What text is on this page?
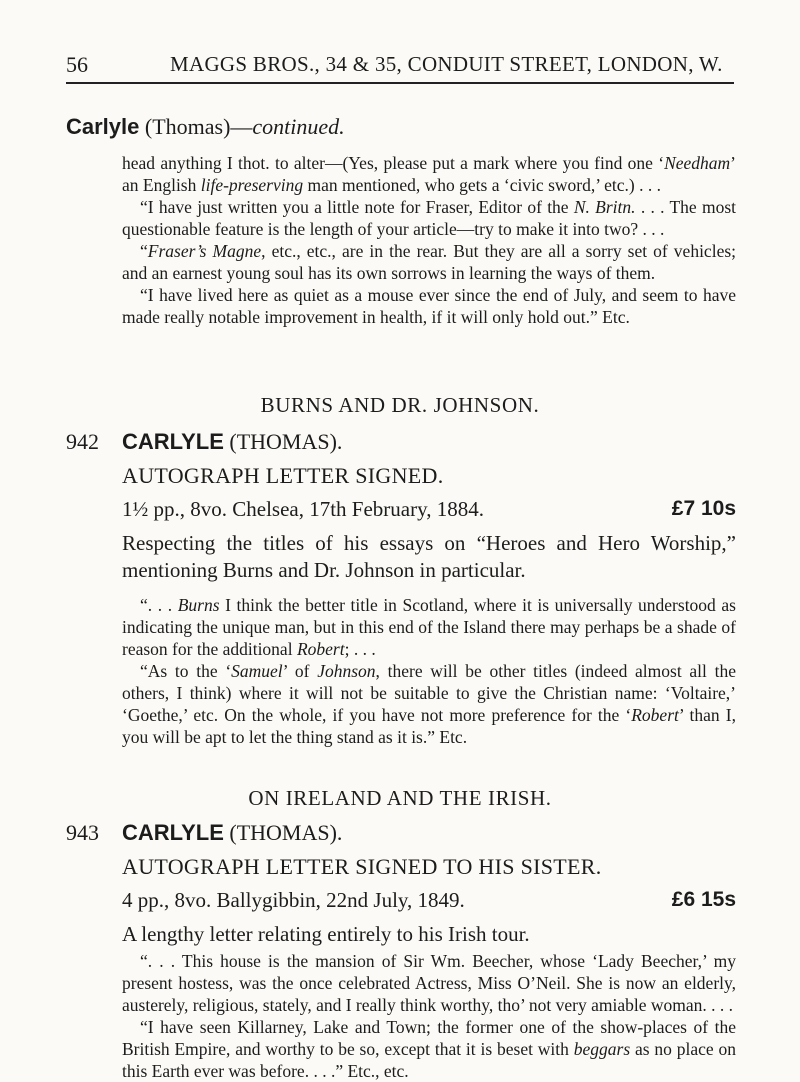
56	MAGGS BROS., 34 & 35, CONDUIT STREET, LONDON, W.
Carlyle (Thomas)—continued.

head anything I thot. to alter—(Yes, please put a mark where you find one ‘Needham’ an English life-preserving man mentioned, who gets a ‘civic sword,’ etc.) . . .

“I have just written you a little note for Fraser, Editor of the N. Britn. . . . The most questionable feature is the length of your article—try to make it into two? . . .

“Fraser’s Magne, etc., etc., are in the rear. But they are all a sorry set of vehicles; and an earnest young soul has its own sorrows in learning the ways of them.

“I have lived here as quiet as a mouse ever since the end of July, and seem to have made really notable improvement in health, if it will only hold out.” Etc.

BURNS AND DR. JOHNSON.
942 CARLYLE (THOMAS).
AUTOGRAPH LETTER SIGNED.
1½ pp., 8vo. Chelsea, 17th February, 1884.	£7 10s
Respecting the titles of his essays on “Heroes and Hero Worship,” mentioning Burns and Dr. Johnson in particular.

“. . . Burns I think the better title in Scotland, where it is universally understood as indicating the unique man, but in this end of the Island there may perhaps be a shade of reason for the additional Robert; . . .

“As to the ‘Samuel’ of Johnson, there will be other titles (indeed almost all the others, I think) where it will not be suitable to give the Christian name: ‘Voltaire,’ ‘Goethe,’ etc. On the whole, if you have not more preference for the ‘Robert’ than I, you will be apt to let the thing stand as it is.” Etc.

ON IRELAND AND THE IRISH.
943 CARLYLE (THOMAS).
AUTOGRAPH LETTER SIGNED TO HIS SISTER.
4 pp., 8vo. Ballygibbin, 22nd July, 1849.	£6 15s
A lengthy letter relating entirely to his Irish tour.

“. . . This house is the mansion of Sir Wm. Beecher, whose ‘Lady Beecher,’ my present hostess, was the once celebrated Actress, Miss O’Neil. She is now an elderly, austerely, religious, stately, and I really think worthy, tho’ not very amiable woman. . . .

“I have seen Killarney, Lake and Town; the former one of the show-places of the British Empire, and worthy to be so, except that it is beset with beggars as no place on this Earth ever was before. . . .” Etc., etc.
